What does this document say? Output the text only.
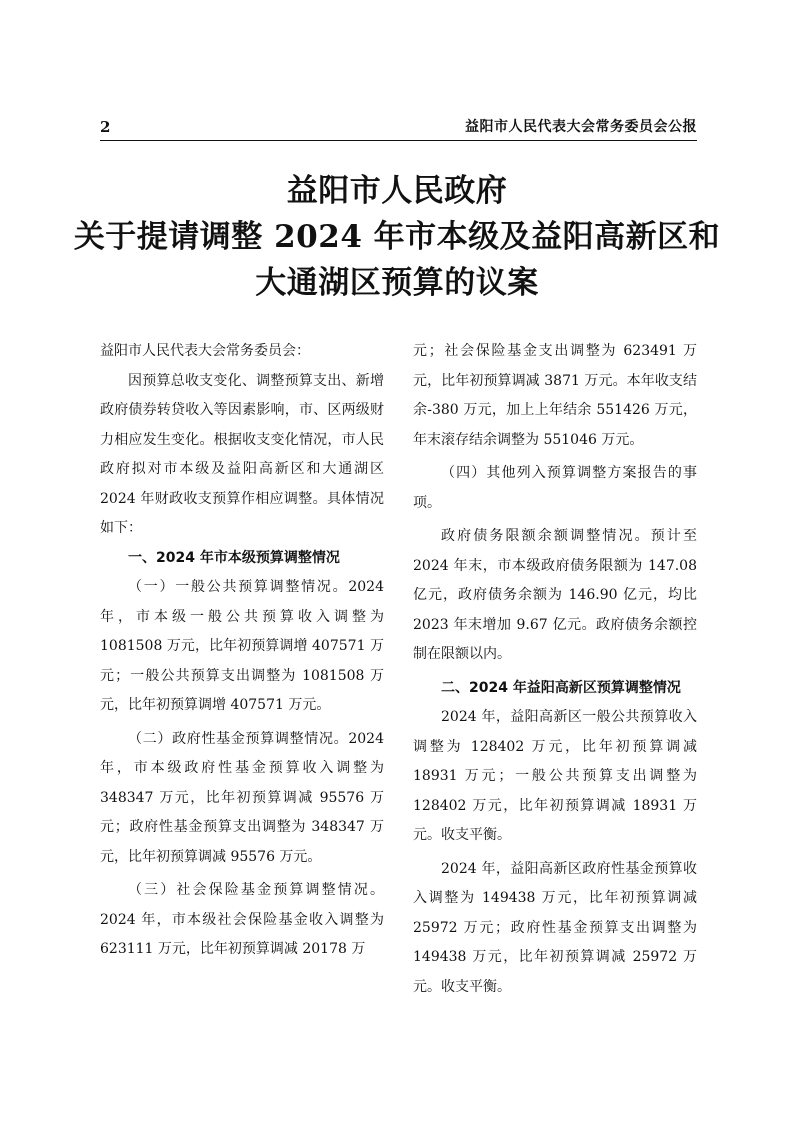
2	益阳市人民代表大会常务委员会公报
益阳市人民政府
关于提请调整 2024 年市本级及益阳高新区和
大通湖区预算的议案

益阳市人民代表大会常务委员会：

因预算总收支变化、调整预算支出、新增政府债券转贷收入等因素影响，市、区两级财力相应发生变化。根据收支变化情况，市人民政府拟对市本级及益阳高新区和大通湖区 2024 年财政收支预算作相应调整。具体情况如下：

一、2024 年市本级预算调整情况

（一）一般公共预算调整情况。2024 年，市本级一般公共预算收入调整为 1081508 万元，比年初预算调增 407571 万元；一般公共预算支出调整为 1081508 万元，比年初预算调增 407571 万元。

（二）政府性基金预算调整情况。2024 年，市本级政府性基金预算收入调整为 348347 万元，比年初预算调减 95576 万元；政府性基金预算支出调整为 348347 万元，比年初预算调减 95576 万元。

（三）社会保险基金预算调整情况。2024 年，市本级社会保险基金收入调整为 623111 万元，比年初预算调减 20178 万

元；社会保险基金支出调整为 623491 万元，比年初预算调减 3871 万元。本年收支结余-380 万元，加上上年结余 551426 万元，年末滚存结余调整为 551046 万元。

（四）其他列入预算调整方案报告的事项。

政府债务限额余额调整情况。预计至 2024 年末，市本级政府债务限额为 147.08 亿元，政府债务余额为 146.90 亿元，均比 2023 年末增加 9.67 亿元。政府债务余额控制在限额以内。

二、2024 年益阳高新区预算调整情况

2024 年，益阳高新区一般公共预算收入调整为 128402 万元，比年初预算调减 18931 万元；一般公共预算支出调整为 128402 万元，比年初预算调减 18931 万元。收支平衡。

2024 年，益阳高新区政府性基金预算收入调整为 149438 万元，比年初预算调减 25972 万元；政府性基金预算支出调整为 149438 万元，比年初预算调减 25972 万元。收支平衡。
